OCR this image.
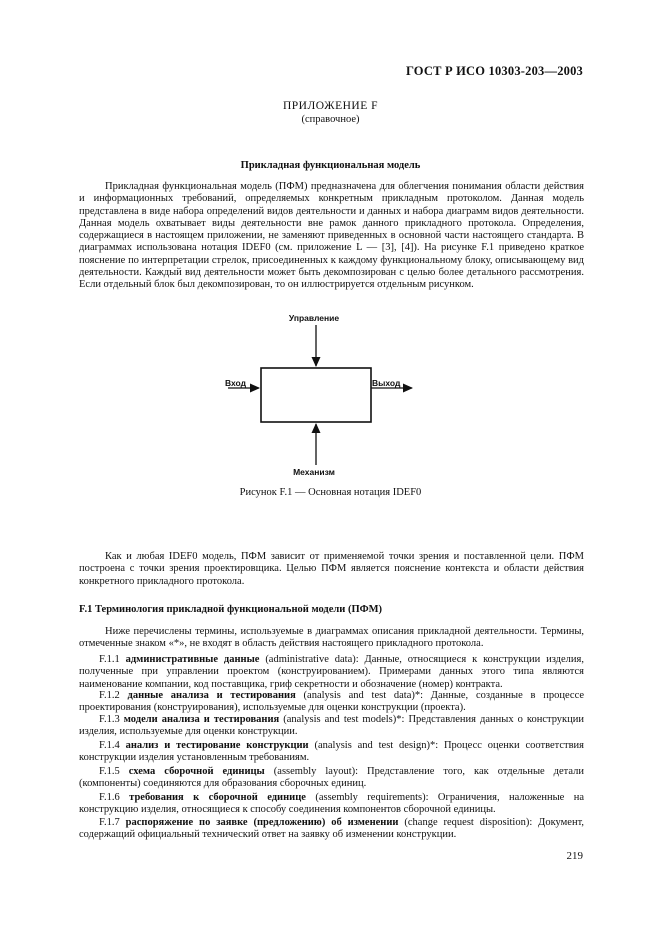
ГОСТ Р ИСО 10303-203—2003
ПРИЛОЖЕНИЕ F
(справочное)
Прикладная функциональная модель

Прикладная функциональная модель (ПФМ) предназначена для облегчения понимания области действия и информационных требований, определяемых конкретным прикладным протоколом. Данная модель представлена в виде набора определений видов деятельности и данных и набора диаграмм видов деятельности. Данная модель охватывает виды деятельности вне рамок данного прикладного протокола. Определения, содержащиеся в настоящем приложении, не заменяют приведенных в основной части настоящего стандарта. В диаграммах использована нотация IDEF0 (см. приложение L — [3], [4]). На рисунке F.1 приведено краткое пояснение по интерпретации стрелок, присоединенных к каждому функциональному блоку, описывающему вид деятельности. Каждый вид деятельности может быть декомпозирован с целью более детального рассмотрения. Если отдельный блок был декомпозирован, то он иллюстрируется отдельным рисунком.

Управление
Вход	Выход
Механизм
Рисунок F.1 — Основная нотация IDEF0

Как и любая IDEF0 модель, ПФМ зависит от применяемой точки зрения и поставленной цели. ПФМ построена с точки зрения проектировщика. Целью ПФМ является пояснение контекста и области действия конкретного прикладного протокола.

F.1 Терминология прикладной функциональной модели (ПФМ)

Ниже перечислены термины, используемые в диаграммах описания прикладной деятельности. Термины, отмеченные знаком «*», не входят в область действия настоящего прикладного протокола.

F.1.1 административные данные (administrative data): Данные, относящиеся к конструкции изделия, полученные при управлении проектом (конструированием). Примерами данных этого типа являются наименование компании, код поставщика, гриф секретности и обозначение (номер) контракта.

F.1.2 данные анализа и тестирования (analysis and test data)*: Данные, созданные в процессе проектирования (конструирования), используемые для оценки конструкции (проекта).

F.1.3 модели анализа и тестирования (analysis and test models)*: Представления данных о конструкции изделия, используемые для оценки конструкции.

F.1.4 анализ и тестирование конструкции (analysis and test design)*: Процесс оценки соответствия конструкции изделия установленным требованиям.

F.1.5 схема сборочной единицы (assembly layout): Представление того, как отдельные детали (компоненты) соединяются для образования сборочных единиц.

F.1.6 требования к сборочной единице (assembly requirements): Ограничения, наложенные на конструкцию изделия, относящиеся к способу соединения компонентов сборочной единицы.

F.1.7 распоряжение по заявке (предложению) об изменении (change request disposition): Документ, содержащий официальный технический ответ на заявку об изменении конструкции.

219
